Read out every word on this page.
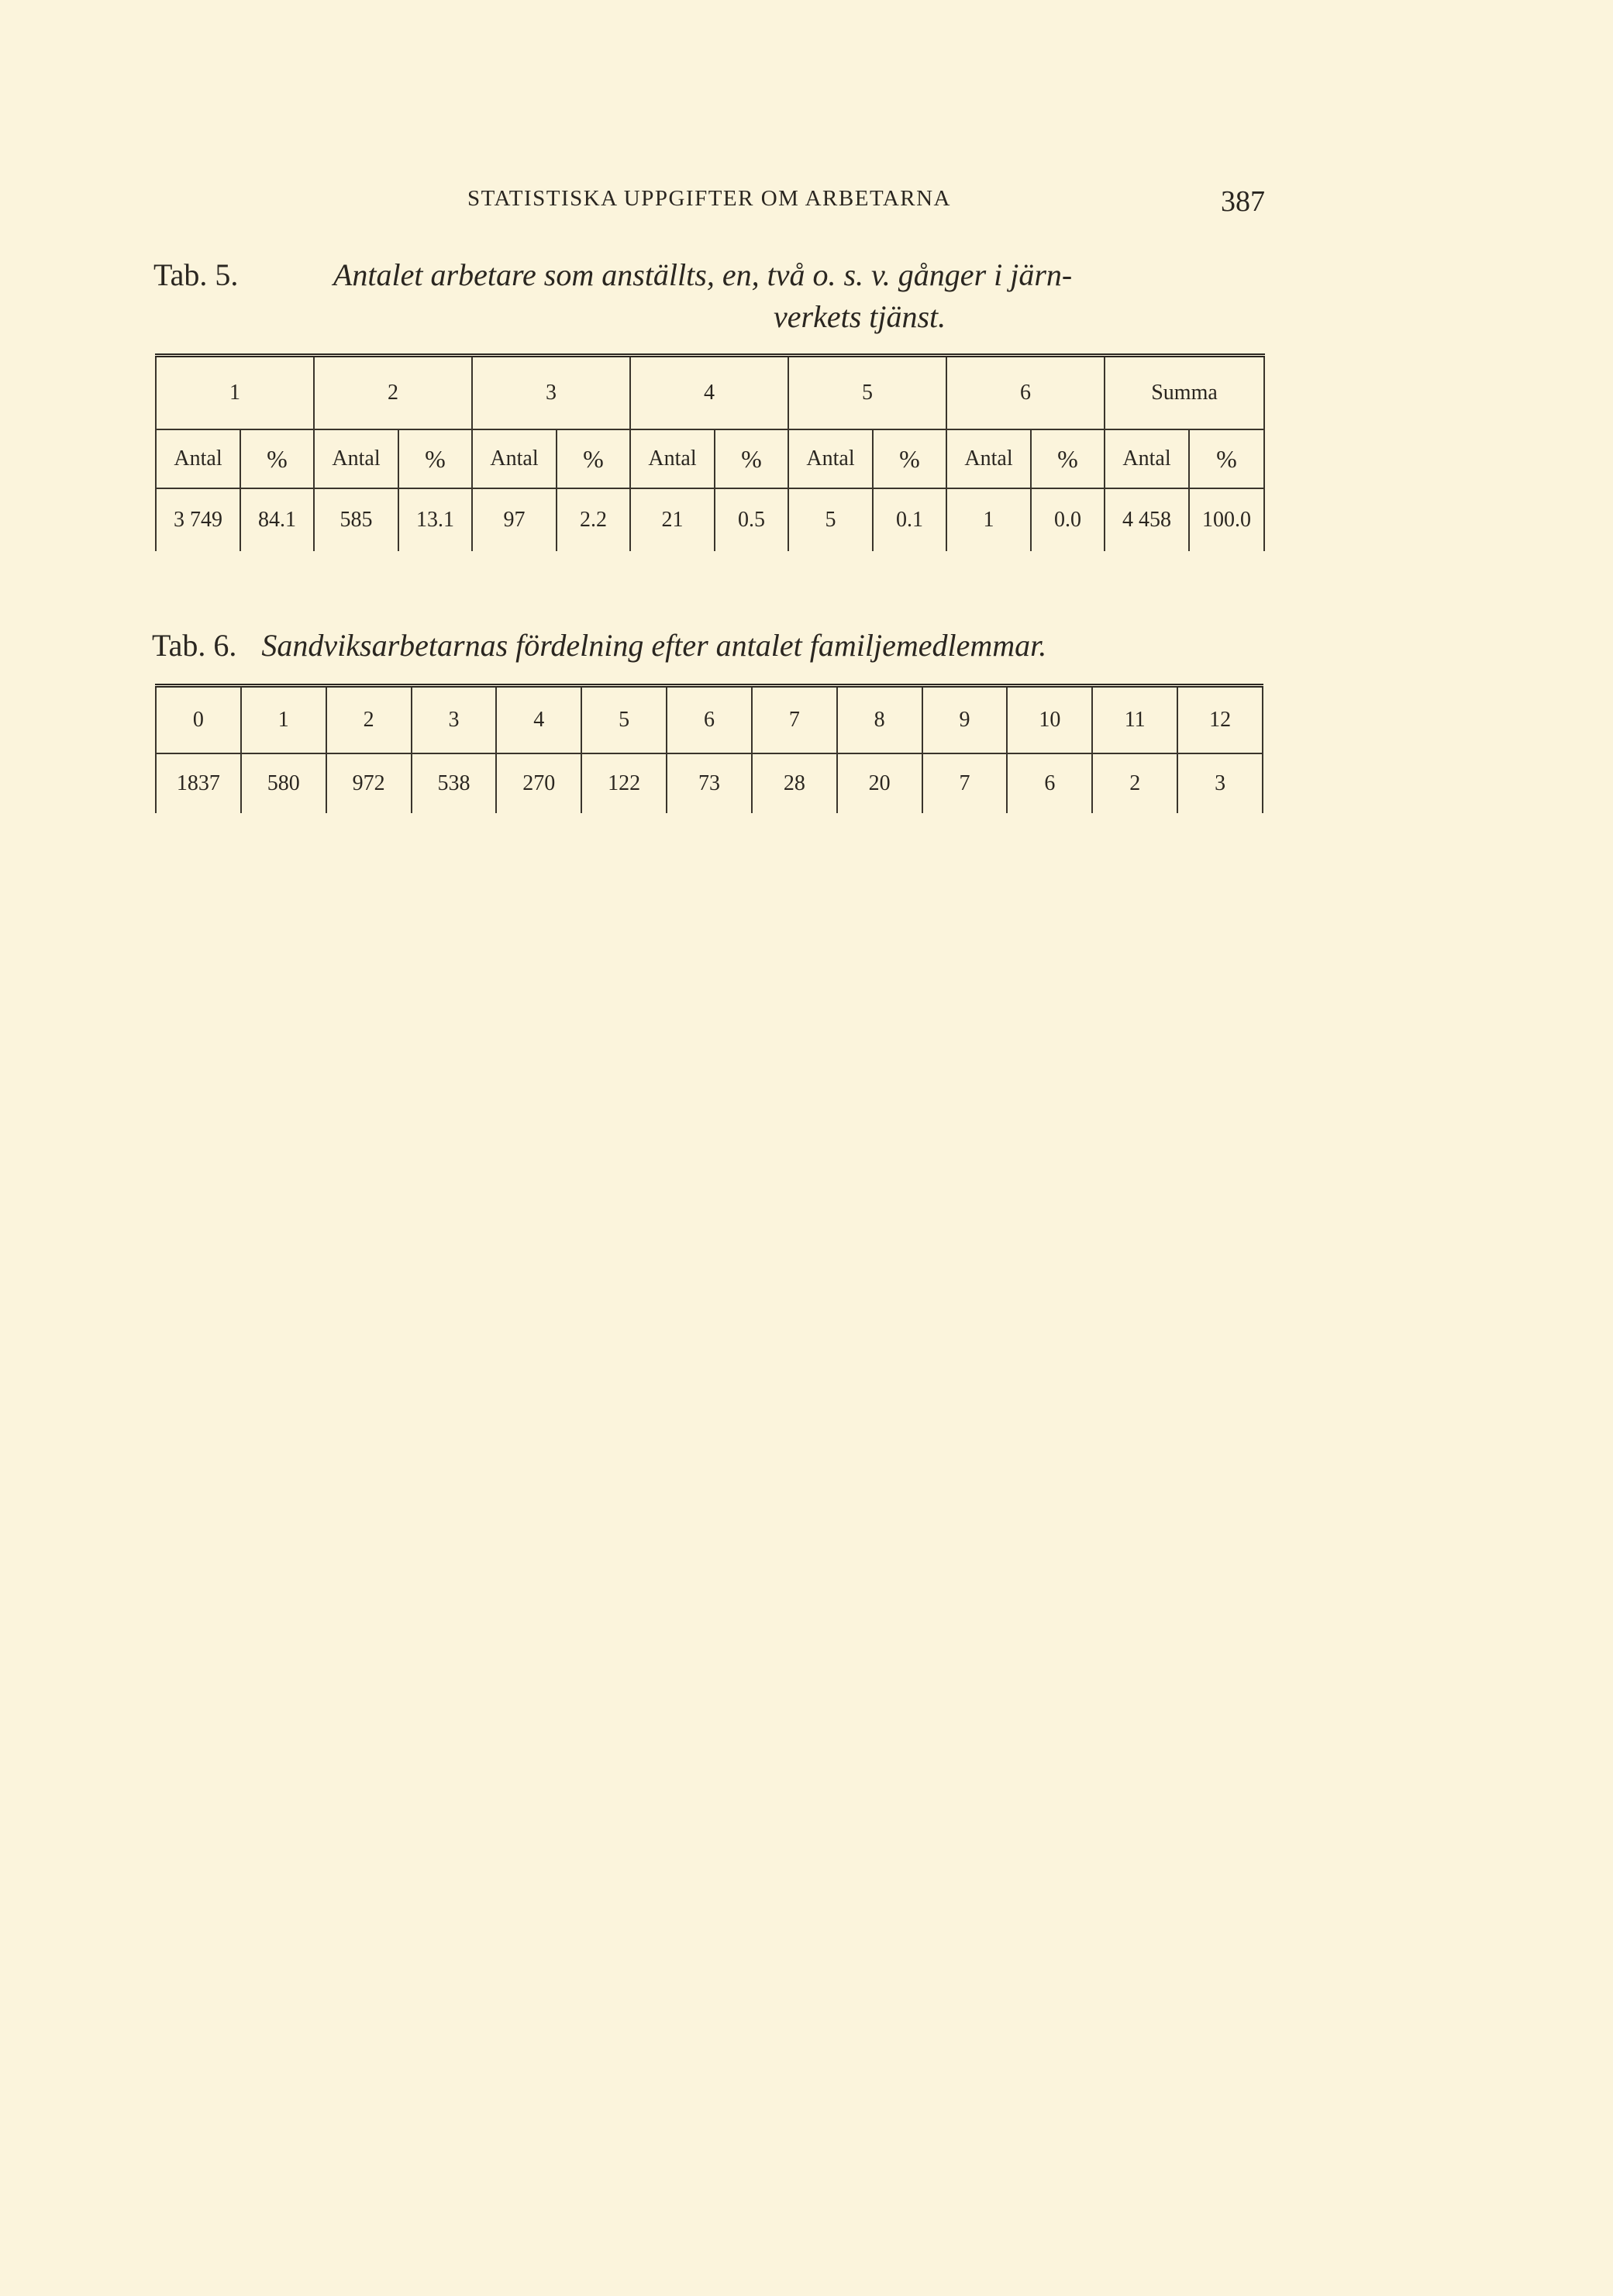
STATISTISKA UPPGIFTER OM ARBETARNA	387
Tab. 5.	Antalet arbetare som anställts, en, två o. s. v. gånger i järn-
verkets tjänst.
1		2		3		4		5		6		Summa	
Antal	%	Antal	%	Antal	%	Antal	%	Antal	%	Antal	%	Antal	%
3 749	84.1	585	13.1	97	2.2	21	0.5	5	0.1	1	0.0	4 458	100.0
Tab. 6. Sandviksarbetarnas fördelning efter antalet familjemedlemmar.
0	1	2	3	4	5	6	7	8	9	10	11	12
1837	580	972	538	270	122	73	28	20	7	6	2	3
